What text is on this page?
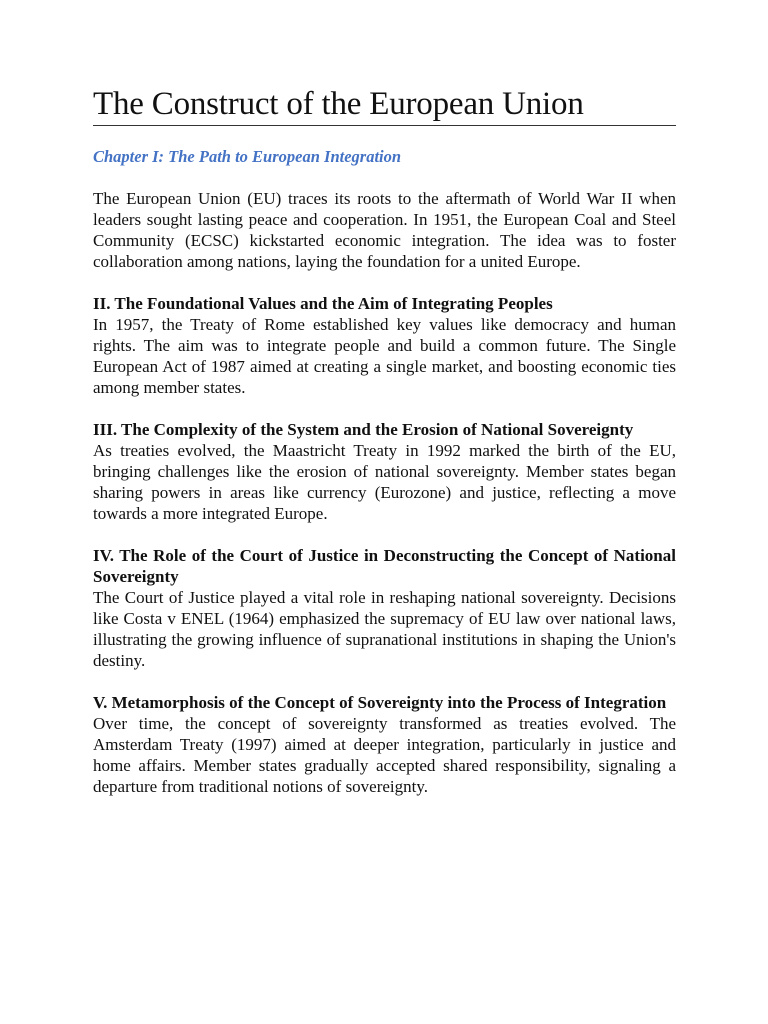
The Construct of the European Union
Chapter I: The Path to European Integration

The European Union (EU) traces its roots to the aftermath of World War II when leaders sought lasting peace and cooperation. In 1951, the European Coal and Steel Community (ECSC) kickstarted economic integration. The idea was to foster collaboration among nations, laying the foundation for a united Europe.

II. The Foundational Values and the Aim of Integrating Peoples

In 1957, the Treaty of Rome established key values like democracy and human rights. The aim was to integrate people and build a common future. The Single European Act of 1987 aimed at creating a single market, and boosting economic ties among member states.

III. The Complexity of the System and the Erosion of National Sovereignty

As treaties evolved, the Maastricht Treaty in 1992 marked the birth of the EU, bringing challenges like the erosion of national sovereignty. Member states began sharing powers in areas like currency (Eurozone) and justice, reflecting a move towards a more integrated Europe.

IV. The Role of the Court of Justice in Deconstructing the Concept of National Sovereignty

The Court of Justice played a vital role in reshaping national sovereignty. Decisions like Costa v ENEL (1964) emphasized the supremacy of EU law over national laws, illustrating the growing influence of supranational institutions in shaping the Union's destiny.

V. Metamorphosis of the Concept of Sovereignty into the Process of Integration

Over time, the concept of sovereignty transformed as treaties evolved. The Amsterdam Treaty (1997) aimed at deeper integration, particularly in justice and home affairs. Member states gradually accepted shared responsibility, signaling a departure from traditional notions of sovereignty.
